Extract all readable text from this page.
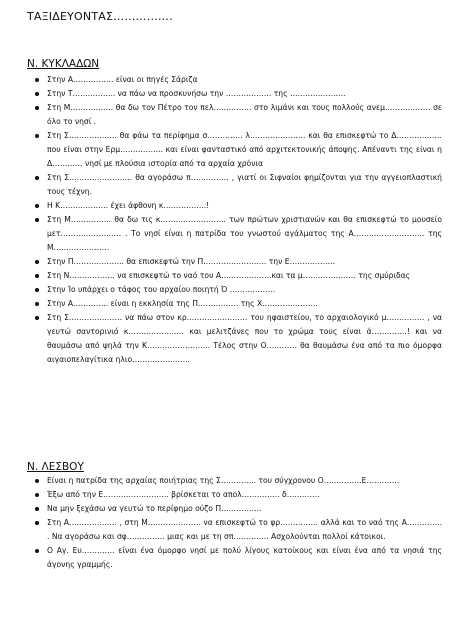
ΤΑΞΙΔΕΥΟΝΤΑΣ…………….
Ν. ΚΥΚΛΑΔΩΝ
Στην Α……………. είναι οι πηγές Σάριζα
Στην Τ…………….. να πάω να προσκυνήσω την ……………… της ………………….
Στη Μ…………….. θα δω τον Πέτρο τον πελ…………… στο λιμάνι και τους πολλούς ανεμ……………… σε όλο το νησί .
Στη Σ………………. θα φάω τα περίφημα σ………….. λ…………………. και θα επισκεφτώ το Δ……………… που είναι στην Ερμ…………….. και είναι φανταστικό από αρχιτεκτονικής άποψης. Απέναντι της είναι η Δ………… νησί με πλούσια ιστορία από τα αρχαία χρόνια
Στη Σ……………………. θα αγοράσω π…………… , γιατί οι Σιφναίοι φημίζονται για την αγγειοπλαστική τους τέχνη.
Η Κ………………. έχει άφθονη κ……………..!
Στη Μ……………. θα δω τις κ…………………….. των πρώτων χριστιανών και θα επισκεφτώ το μουσείο μετ…………………… . Το νησί είναι η πατρίδα του γνωστού αγάλματος της Α………………………. της Μ………………….
Στην Π……………….. θα επισκεφτώ την Π……………………. την Ε………………
Στη Ν……………… να επισκεφτώ το ναό του Α………………..και τα μ………………… της σμύριδας
Στην Ίο υπάρχει ο τάφος του αρχαίου ποιητή Ό ………………
Στην Α………….. είναι η εκκλησία της Π……………. της Χ………………….
Στη Σ………………… να πάω στον κρ…………………… του ηφαιστείου, το αρχαιολογικό μ…………… , να γευτώ σαντορινιό κ…………………. και μελιτζάνες που το χρώμα τους είναι ά…………..! και να θαυμάσω από ψηλά την Κ……………………. Τέλος στην Ο………… θα θαυμάσω ένα από τα πιο όμορφα αιγαιοπελαγίτικα ηλιο…………………..
Ν. ΛΕΣΒΟΥ
Είναι η πατρίδα της αρχαίας ποιήτριας της Σ………….. του σύγχρονου Ο……………Ε………….
Έξω από την Ε………………….…. βρίσκεται το απολ…………… δ………….
Να μην ξεχάσω να γευτώ το περίφημο ούζο Π…………….
Στη Α………………. , στη Μ………………… να επισκεφτώ το φρ…………… αλλά και το ναό της Α………….. . Να αγοράσω και σφ…………… μιας και με τη σπ………….. Ασχολούνται πολλοί κάτοικοι.
Ο Αγ. Ευ…………. είναι ένα όμορφο νησί με πολύ λίγους κατοίκους και είναι ένα από τα νησιά της άγονης γραμμής.
